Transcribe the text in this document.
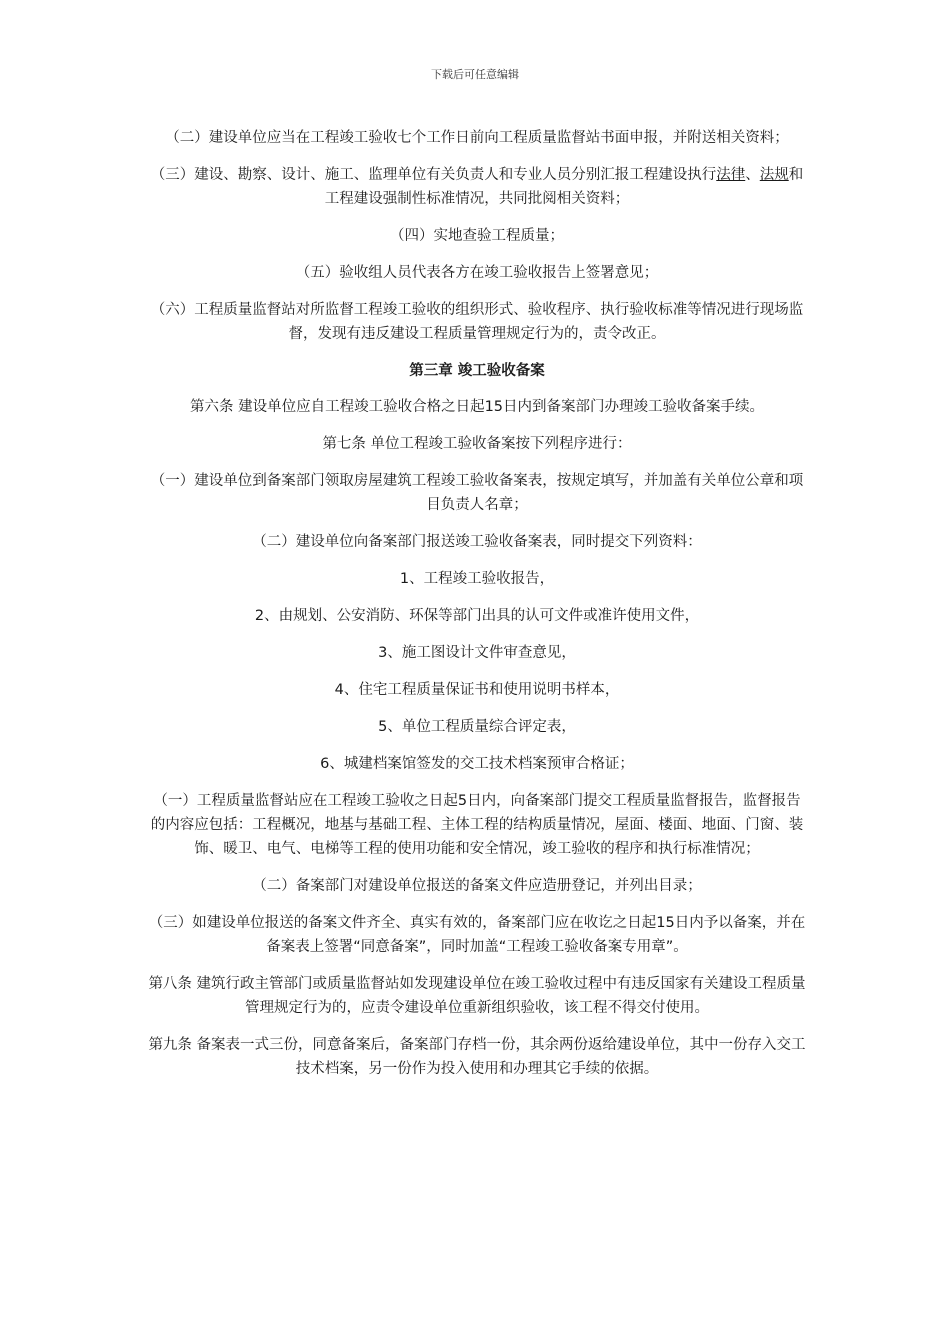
下载后可任意编辑

（二）建设单位应当在工程竣工验收七个工作日前向工程质量监督站书面申报，并附送相关资料；

（三）建设、勘察、设计、施工、监理单位有关负责人和专业人员分别汇报工程建设执行法律、法规和工程建设强制性标准情况，共同批阅相关资料；

（四）实地查验工程质量；

（五）验收组人员代表各方在竣工验收报告上签署意见；

（六）工程质量监督站对所监督工程竣工验收的组织形式、验收程序、执行验收标准等情况进行现场监督，发现有违反建设工程质量管理规定行为的，责令改正。

第三章 竣工验收备案

第六条 建设单位应自工程竣工验收合格之日起15日内到备案部门办理竣工验收备案手续。

第七条 单位工程竣工验收备案按下列程序进行：

（一）建设单位到备案部门领取房屋建筑工程竣工验收备案表，按规定填写，并加盖有关单位公章和项目负责人名章；

（二）建设单位向备案部门报送竣工验收备案表，同时提交下列资料：

1、工程竣工验收报告，

2、由规划、公安消防、环保等部门出具的认可文件或准许使用文件，

3、施工图设计文件审查意见，

4、住宅工程质量保证书和使用说明书样本，

5、单位工程质量综合评定表，

6、城建档案馆签发的交工技术档案预审合格证；

（一）工程质量监督站应在工程竣工验收之日起5日内，向备案部门提交工程质量监督报告，监督报告的内容应包括：工程概况，地基与基础工程、主体工程的结构质量情况，屋面、楼面、地面、门窗、装饰、暖卫、电气、电梯等工程的使用功能和安全情况，竣工验收的程序和执行标准情况；

（二）备案部门对建设单位报送的备案文件应造册登记，并列出目录；

（三）如建设单位报送的备案文件齐全、真实有效的，备案部门应在收讫之日起15日内予以备案，并在备案表上签署“同意备案”，同时加盖“工程竣工验收备案专用章”。

第八条 建筑行政主管部门或质量监督站如发现建设单位在竣工验收过程中有违反国家有关建设工程质量管理规定行为的，应责令建设单位重新组织验收，该工程不得交付使用。

第九条 备案表一式三份，同意备案后，备案部门存档一份，其余两份返给建设单位，其中一份存入交工技术档案，另一份作为投入使用和办理其它手续的依据。
